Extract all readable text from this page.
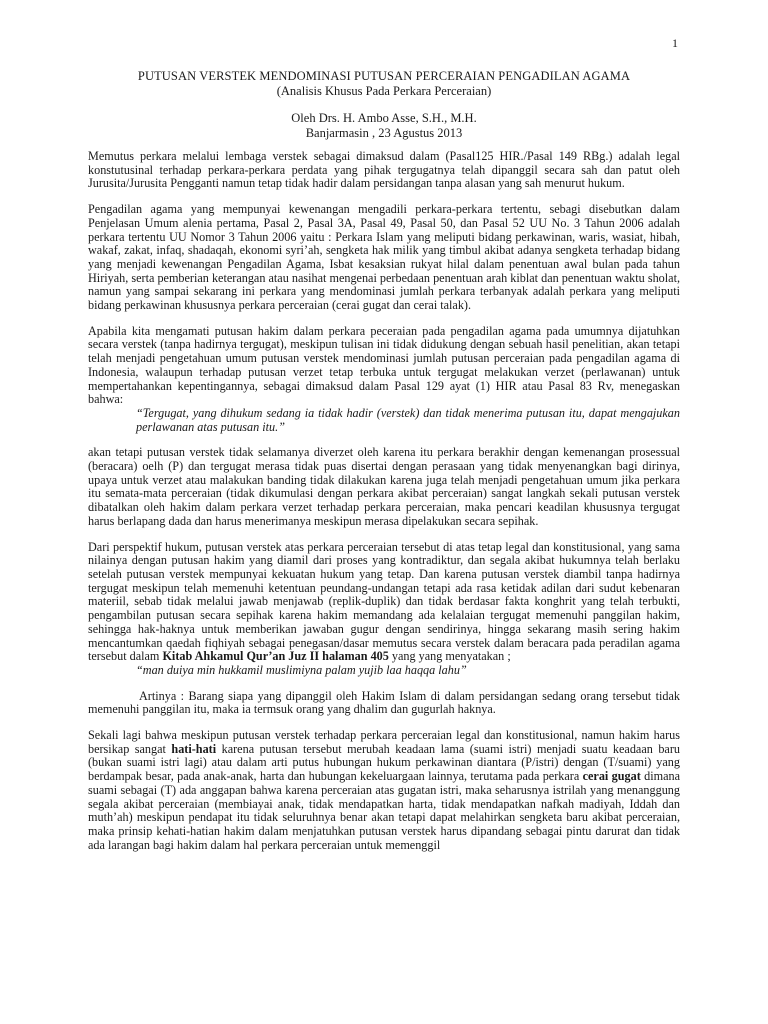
1
PUTUSAN VERSTEK MENDOMINASI PUTUSAN PERCERAIAN PENGADILAN AGAMA
(Analisis Khusus Pada Perkara Perceraian)
Oleh Drs. H. Ambo Asse, S.H., M.H.
Banjarmasin , 23 Agustus 2013

Memutus perkara melalui lembaga verstek sebagai dimaksud dalam (Pasal125 HIR./Pasal 149 RBg.) adalah legal konstutusinal terhadap perkara-perkara perdata yang pihak tergugatnya telah dipanggil secara sah dan patut oleh Jurusita/Jurusita Pengganti namun tetap tidak hadir dalam persidangan tanpa alasan yang sah menurut hukum.

Pengadilan agama yang mempunyai kewenangan mengadili perkara-perkara tertentu, sebagi disebutkan dalam Penjelasan Umum alenia pertama, Pasal 2, Pasal 3A, Pasal 49, Pasal 50, dan Pasal 52 UU No. 3 Tahun 2006 adalah perkara tertentu UU Nomor 3 Tahun 2006 yaitu : Perkara Islam yang meliputi bidang perkawinan, waris, wasiat, hibah, wakaf, zakat, infaq, shadaqah, ekonomi syri’ah, sengketa hak milik yang timbul akibat adanya sengketa terhadap bidang yang menjadi kewenangan Pengadilan Agama, Isbat kesaksian rukyat hilal dalam penentuan awal bulan pada tahun Hiriyah, serta pemberian keterangan atau nasihat mengenai perbedaan penentuan arah kiblat dan penentuan waktu sholat, namun yang sampai sekarang ini perkara yang mendominasi jumlah perkara terbanyak adalah perkara yang meliputi bidang perkawinan khususnya perkara perceraian (cerai gugat dan cerai talak).

Apabila kita mengamati putusan hakim dalam perkara peceraian pada pengadilan agama pada umumnya dijatuhkan secara verstek (tanpa hadirnya tergugat), meskipun tulisan ini tidak didukung dengan sebuah hasil penelitian, akan tetapi telah menjadi pengetahuan umum putusan verstek mendominasi jumlah putusan perceraian pada pengadilan agama di Indonesia, walaupun terhadap putusan verzet tetap terbuka untuk tergugat melakukan verzet (perlawanan) untuk mempertahankan kepentingannya, sebagai dimaksud dalam Pasal 129 ayat (1) HIR atau Pasal 83 Rv, menegaskan bahwa:

“Tergugat, yang dihukum sedang ia tidak hadir (verstek) dan tidak menerima putusan itu, dapat mengajukan perlawanan atas putusan itu.”

akan tetapi putusan verstek tidak selamanya diverzet oleh karena itu perkara berakhir dengan kemenangan prosessual (beracara) oelh (P) dan tergugat merasa tidak puas disertai dengan perasaan yang tidak menyenangkan bagi dirinya, upaya untuk verzet atau malakukan banding tidak dilakukan karena juga telah menjadi pengetahuan umum jika perkara itu semata-mata perceraian (tidak dikumulasi dengan perkara akibat perceraian) sangat langkah sekali putusan verstek dibatalkan oleh hakim dalam perkara verzet terhadap perkara perceraian, maka pencari keadilan khususnya tergugat harus berlapang dada dan harus menerimanya meskipun merasa dipelakukan secara sepihak.

Dari perspektif hukum, putusan verstek atas perkara perceraian tersebut di atas tetap legal dan konstitusional, yang sama nilainya dengan putusan hakim yang diamil dari proses yang kontradiktur, dan segala akibat hukumnya telah berlaku setelah putusan verstek mempunyai kekuatan hukum yang tetap. Dan karena putusan verstek diambil tanpa hadirnya tergugat meskipun telah memenuhi ketentuan peundang-undangan tetapi ada rasa ketidak adilan dari sudut kebenaran materiil, sebab tidak melalui jawab menjawab (replik-duplik) dan tidak berdasar fakta konghrit yang telah terbukti, pengambilan putusan secara sepihak karena hakim memandang ada kelalaian tergugat memenuhi panggilan hakim, sehingga hak-haknya untuk memberikan jawaban gugur dengan sendirinya, hingga sekarang masih sering hakim mencantumkan qaedah fiqhiyah sebagai penegasan/dasar memutus secara verstek dalam beracara pada peradilan agama tersebut dalam Kitab Ahkamul Qur’an Juz II halaman 405 yang yang menyatakan ;

“man duiya min hukkamil muslimiyna palam yujib laa haqqa lahu”

Artinya : Barang siapa yang dipanggil oleh Hakim Islam di dalam persidangan sedang orang tersebut tidak memenuhi panggilan itu, maka ia termsuk orang yang dhalim dan gugurlah haknya.

Sekali lagi bahwa meskipun putusan verstek terhadap perkara perceraian legal dan konstitusional, namun hakim harus bersikap sangat hati-hati karena putusan tersebut merubah keadaan lama (suami istri) menjadi suatu keadaan baru (bukan suami istri lagi) atau dalam arti putus hubungan hukum perkawinan diantara (P/istri) dengan (T/suami) yang berdampak besar, pada anak-anak, harta dan hubungan kekeluargaan lainnya, terutama pada perkara cerai gugat dimana suami sebagai (T) ada anggapan bahwa karena perceraian atas gugatan istri, maka seharusnya istrilah yang menanggung segala akibat perceraian (membiayai anak, tidak mendapatkan harta, tidak mendapatkan nafkah madiyah, Iddah dan muth’ah) meskipun pendapat itu tidak seluruhnya benar akan tetapi dapat melahirkan sengketa baru akibat perceraian, maka prinsip kehati-hatian hakim dalam menjatuhkan putusan verstek harus dipandang sebagai pintu darurat dan tidak ada larangan bagi hakim dalam hal perkara perceraian untuk memenggil
